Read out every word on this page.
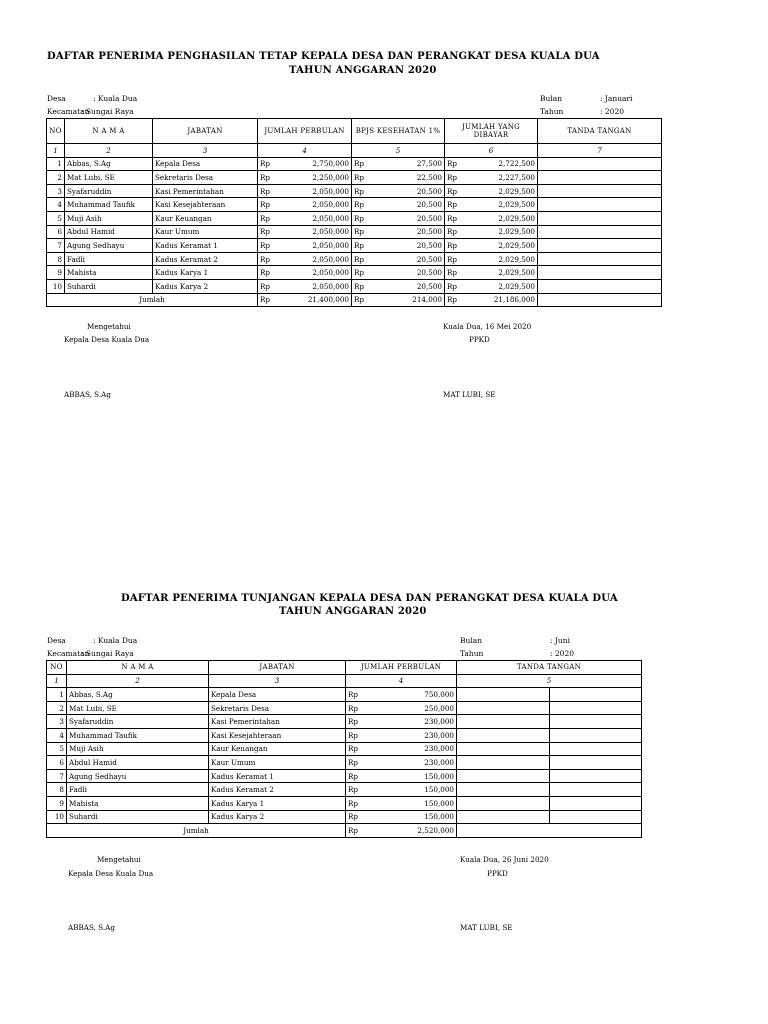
DAFTAR PENERIMA PENGHASILAN TETAP KEPALA DESA DAN PERANGKAT DESA KUALA DUA
TAHUN ANGGARAN 2020
Desa	: Kuala Dua
Kecamatan
: Sungai Raya
Bulan	: Januari
Tahun	: 2020
NO	N A M A	JABATAN	JUMLAH PERBULAN	BPJS KESEHATAN 1%	JUMLAH YANG DIBAYAR	TANDA TANGAN
1	2	3	4	5	6	7
1	Abbas, S.Ag	Kepala Desa	Rp 2,750,000	Rp 27,500	Rp 2,722,500	

2	Mat Lubi, SE	Sekretaris Desa	Rp 2,250,000	Rp 22,500	Rp 2,227,500	

3	Syafaruddin	Kasi Pemerintahan	Rp 2,050,000	Rp 20,500	Rp 2,029,500	

4	Muhammad Taufik	Kasi Kesejahteraan	Rp 2,050,000	Rp 20,500	Rp 2,029,500	

5	Muji Asih	Kaur Keuangan	Rp 2,050,000	Rp 20,500	Rp 2,029,500	

6	Abdul Hamid	Kaur Umum	Rp 2,050,000	Rp 20,500	Rp 2,029,500	

7	Agung Sedhayu	Kadus Keramat 1	Rp 2,050,000	Rp 20,500	Rp 2,029,500	

8	Fadli	Kadus Keramat 2	Rp 2,050,000	Rp 20,500	Rp 2,029,500	

9	Mahista	Kadus Karya 1	Rp 2,050,000	Rp 20,500	Rp 2,029,500	

10	Suhardi	Kadus Karya 2	Rp 2,050,000	Rp 20,500	Rp 2,029,500	

Jumlah			Rp 21,400,000	Rp 214,000	Rp 21,186,000	

Mengetahui
Kepala Desa Kuala Dua
Kuala Dua, 16 Mei 2020
PPKD
ABBAS, S.Ag	MAT LUBI, SE
DAFTAR PENERIMA TUNJANGAN KEPALA DESA DAN PERANGKAT DESA KUALA DUA
TAHUN ANGGARAN 2020
Desa	: Kuala Dua
Kecamatan
: Sungai Raya
Bulan	: Juni
Tahun	: 2020
NO	N A M A	JABATAN	JUMLAH PERBULAN	TANDA TANGAN
1	2	3	4	5
1	Abbas, S.Ag	Kepala Desa	Rp 750,000	

2	Mat Lubi, SE	Sekretaris Desa	Rp 250,000	

3	Syafaruddin	Kasi Pemerintahan	Rp 230,000	

4	Muhammad Taufik	Kasi Kesejahteraan	Rp 230,000	

5	Muji Asih	Kaur Keuangan	Rp 230,000	

6	Abdul Hamid	Kaur Umum	Rp 230,000	

7	Agung Sedhayu	Kadus Keramat 1	Rp 150,000	

8	Fadli	Kadus Keramat 2	Rp 150,000	

9	Mahista	Kadus Karya 1	Rp 150,000	

10	Suhardi	Kadus Karya 2	Rp 150,000	

Jumlah			Rp 2,520,000	

Mengetahui
Kepala Desa Kuala Dua
Kuala Dua, 26 Juni 2020
PPKD
ABBAS, S.Ag	MAT LUBI, SE
